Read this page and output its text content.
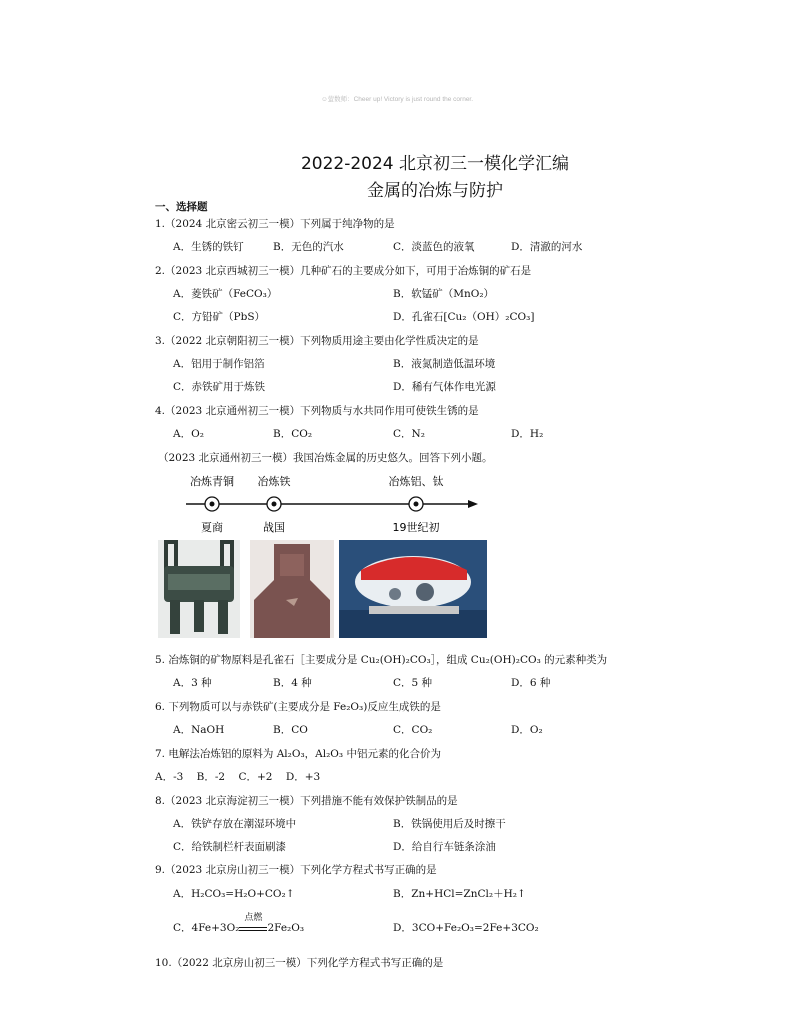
☺萤数师：Cheer up! Victory is just round the corner.
2022-2024 北京初三一模化学汇编
金属的冶炼与防护
一、选择题
1.（2024 北京密云初三一模）下列属于纯净物的是
A．生锈的铁钉	B．无色的汽水	C．淡蓝色的液氧	D．清澈的河水
2.（2023 北京西城初三一模）几种矿石的主要成分如下，可用于冶炼铜的矿石是
A．菱铁矿（FeCO₃）	B．软锰矿（MnO₂）
C．方铅矿（PbS）	D．孔雀石[Cu₂（OH）₂CO₃]
3.（2022 北京朝阳初三一模）下列物质用途主要由化学性质决定的是
A．铝用于制作铝箔	B．液氮制造低温环境
C．赤铁矿用于炼铁	D．稀有气体作电光源
4.（2023 北京通州初三一模）下列物质与水共同作用可使铁生锈的是
A．O₂	B．CO₂	C．N₂	D．H₂
（2023 北京通州初三一模）我国冶炼金属的历史悠久。回答下列小题。
冶炼青铜 冶炼铁	冶炼铝、钛
夏商	战国	19世纪初
5. 冶炼铜的矿物原料是孔雀石［主要成分是 Cu₂(OH)₂CO₃］，组成 Cu₂(OH)₂CO₃ 的元素种类为
A．3 种	B．4 种	C．5 种	D．6 种
6. 下列物质可以与赤铁矿(主要成分是 Fe₂O₃)反应生成铁的是
A．NaOH	B．CO	C．CO₂	D．O₂
7. 电解法冶炼铝的原料为 Al₂O₃，Al₂O₃ 中铝元素的化合价为
A．-3    B．-2    C．+2    D．+3
8.（2023 北京海淀初三一模）下列措施不能有效保护铁制品的是
A．铁铲存放在潮湿环境中	B．铁锅使用后及时擦干
C．给铁制栏杆表面刷漆	D．给自行车链条涂油
9.（2023 北京房山初三一模）下列化学方程式书写正确的是
A．H₂CO₃=H₂O+CO₂↑	B．Zn+HCl=ZnCl₂＋H₂↑
C．4Fe+3O₂
点燃
2Fe₂O₃	D．3CO+Fe₂O₃=2Fe+3CO₂
10.（2022 北京房山初三一模）下列化学方程式书写正确的是
